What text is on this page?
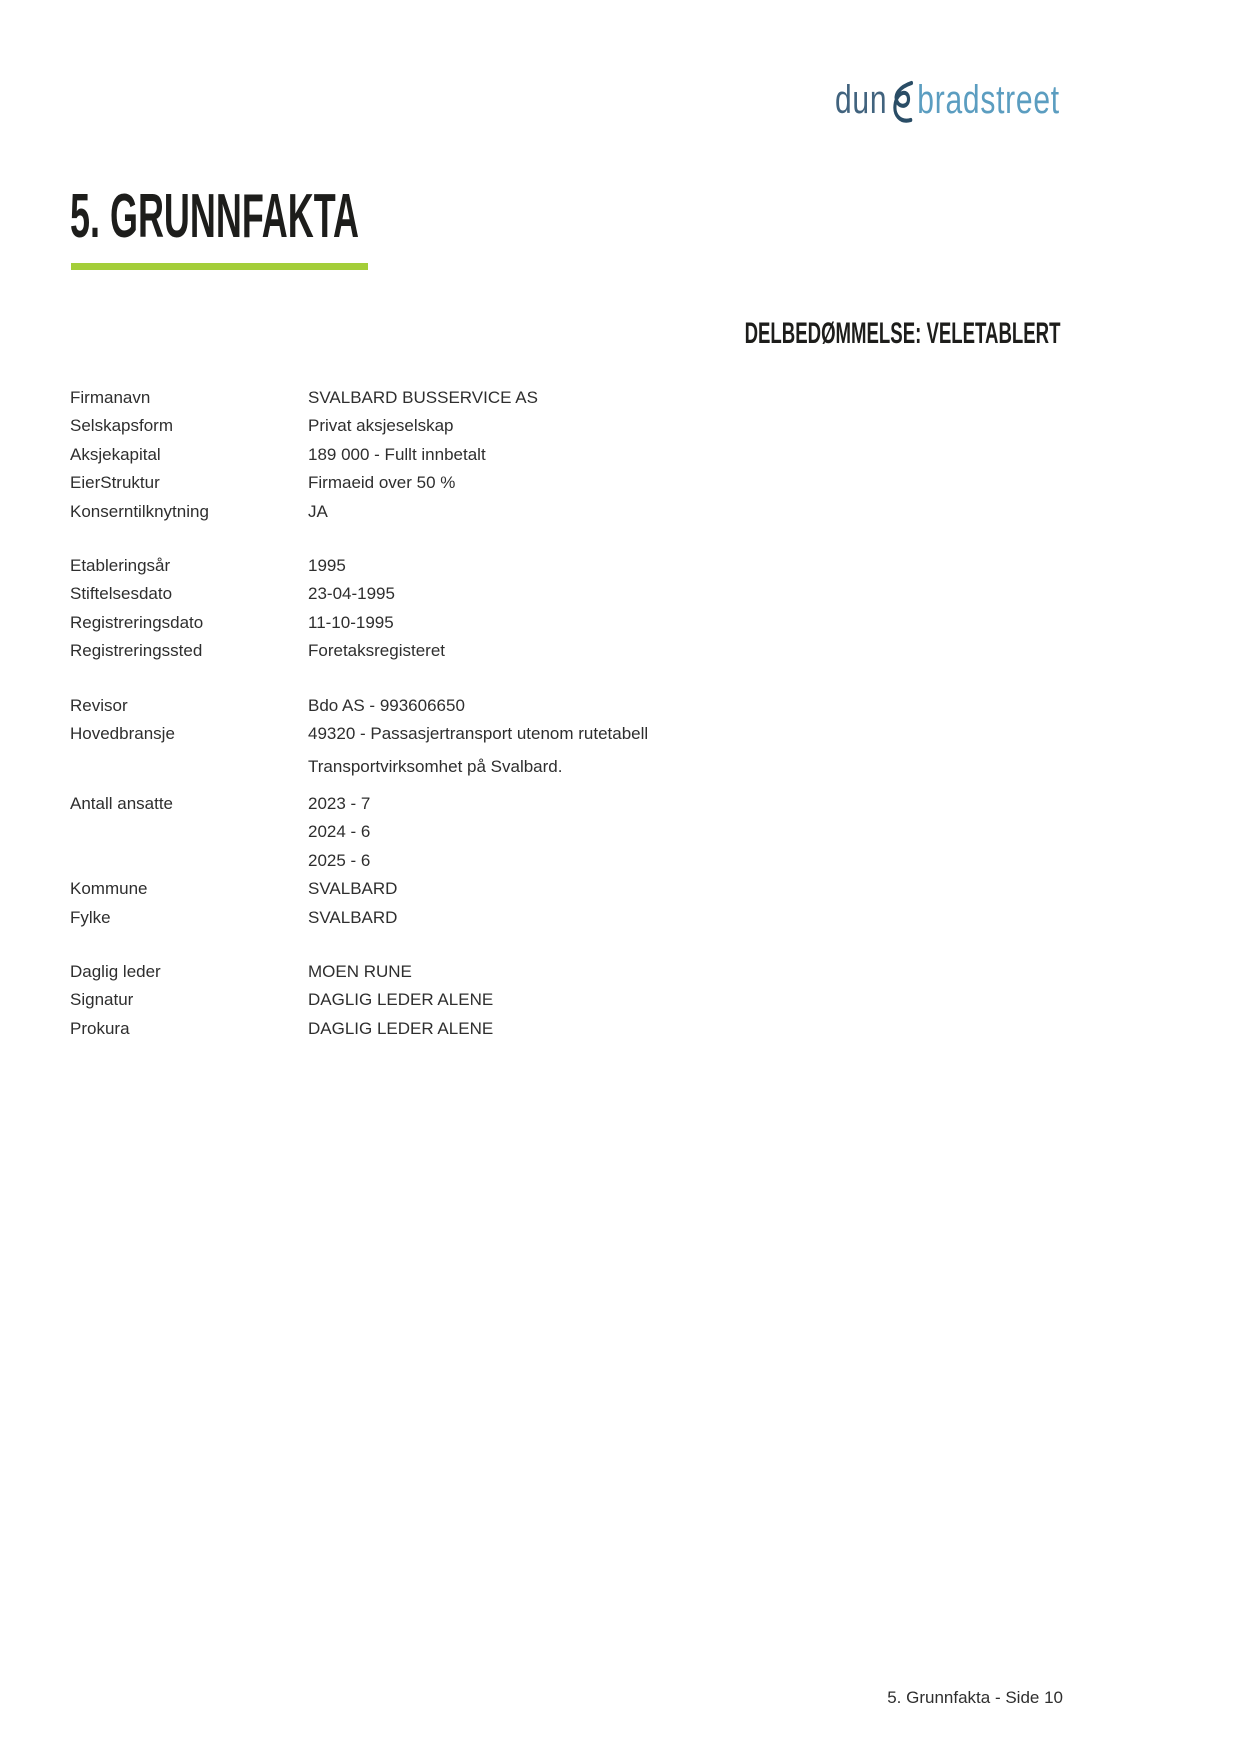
dun bradstreet
5. GRUNNFAKTA
DELBEDØMMELSE: VELETABLERT
Firmanavn	SVALBARD BUSSERVICE AS
Selskapsform	Privat aksjeselskap
Aksjekapital	189 000 - Fullt innbetalt
EierStruktur	Firmaeid over 50 %
Konserntilknytning	JA
Etableringsår	1995
Stiftelsesdato	23-04-1995
Registreringsdato	11-10-1995
Registreringssted	Foretaksregisteret
Revisor	Bdo AS - 993606650
Hovedbransje	49320 - Passasjertransport utenom rutetabell
Transportvirksomhet på Svalbard.
Antall ansatte	2023 - 7
2024 - 6
2025 - 6
Kommune	SVALBARD
Fylke	SVALBARD
Daglig leder	MOEN RUNE
Signatur	DAGLIG LEDER ALENE
Prokura	DAGLIG LEDER ALENE
5. Grunnfakta - Side 10
